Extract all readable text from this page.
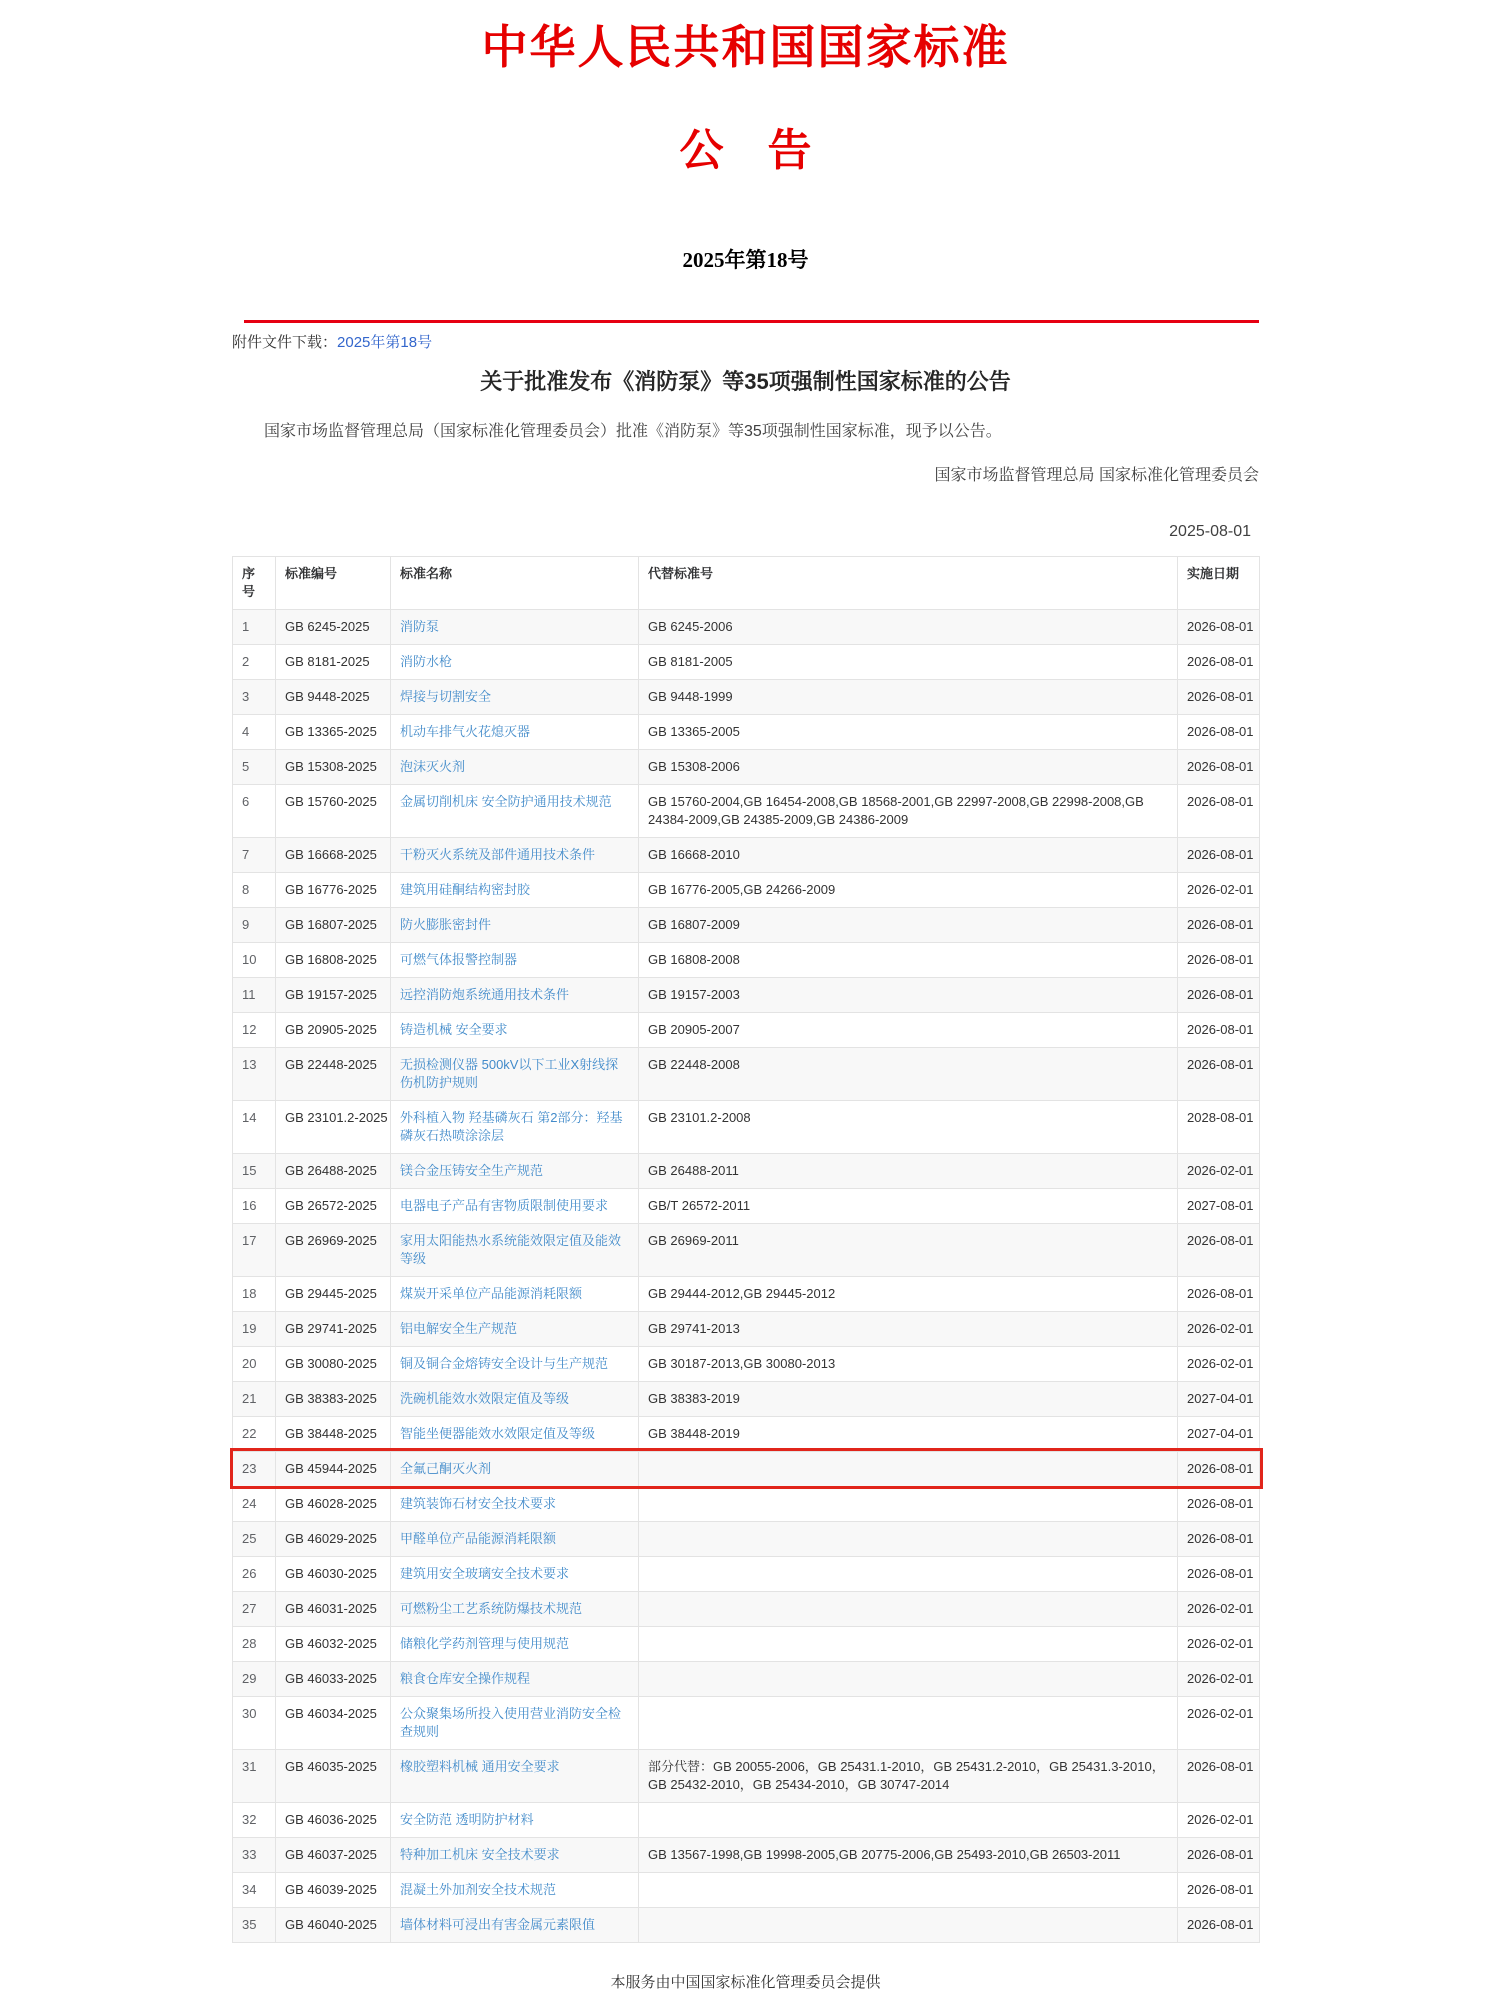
中华人民共和国国家标准
公　告
2025年第18号
附件文件下载：2025年第18号
关于批准发布《消防泵》等35项强制性国家标准的公告

国家市场监督管理总局（国家标准化管理委员会）批准《消防泵》等35项强制性国家标准，现予以公告。

国家市场监督管理总局 国家标准化管理委员会
2025-08-01
序号	标准编号	标准名称	代替标准号	实施日期
1	GB 6245-2025	消防泵	GB 6245-2006	2026-08-01
2	GB 8181-2025	消防水枪	GB 8181-2005	2026-08-01
3	GB 9448-2025	焊接与切割安全	GB 9448-1999	2026-08-01
4	GB 13365-2025	机动车排气火花熄灭器	GB 13365-2005	2026-08-01
5	GB 15308-2025	泡沫灭火剂	GB 15308-2006	2026-08-01
6	GB 15760-2025	金属切削机床 安全防护通用技术规范	GB 15760-2004,GB 16454-2008,GB 18568-2001,GB 22997-2008,GB 22998-2008,GB 24384-2009,GB 24385-2009,GB 24386-2009	2026-08-01
7	GB 16668-2025	干粉灭火系统及部件通用技术条件	GB 16668-2010	2026-08-01
8	GB 16776-2025	建筑用硅酮结构密封胶	GB 16776-2005,GB 24266-2009	2026-02-01
9	GB 16807-2025	防火膨胀密封件	GB 16807-2009	2026-08-01
10	GB 16808-2025	可燃气体报警控制器	GB 16808-2008	2026-08-01
11	GB 19157-2025	远控消防炮系统通用技术条件	GB 19157-2003	2026-08-01
12	GB 20905-2025	铸造机械 安全要求	GB 20905-2007	2026-08-01
13	GB 22448-2025	无损检测仪器 500kV以下工业X射线探伤机防护规则	GB 22448-2008	2026-08-01
14	GB 23101.2-2025	外科植入物 羟基磷灰石 第2部分：羟基磷灰石热喷涂涂层	GB 23101.2-2008	2028-08-01
15	GB 26488-2025	镁合金压铸安全生产规范	GB 26488-2011	2026-02-01
16	GB 26572-2025	电器电子产品有害物质限制使用要求	GB/T 26572-2011	2027-08-01
17	GB 26969-2025	家用太阳能热水系统能效限定值及能效等级	GB 26969-2011	2026-08-01
18	GB 29445-2025	煤炭开采单位产品能源消耗限额	GB 29444-2012,GB 29445-2012	2026-08-01
19	GB 29741-2025	铝电解安全生产规范	GB 29741-2013	2026-02-01
20	GB 30080-2025	铜及铜合金熔铸安全设计与生产规范	GB 30187-2013,GB 30080-2013	2026-02-01
21	GB 38383-2025	洗碗机能效水效限定值及等级	GB 38383-2019	2027-04-01
22	GB 38448-2025	智能坐便器能效水效限定值及等级	GB 38448-2019	2027-04-01
23	GB 45944-2025	全氟己酮灭火剂		2026-08-01
24	GB 46028-2025	建筑装饰石材安全技术要求		2026-08-01
25	GB 46029-2025	甲醛单位产品能源消耗限额		2026-08-01
26	GB 46030-2025	建筑用安全玻璃安全技术要求		2026-08-01
27	GB 46031-2025	可燃粉尘工艺系统防爆技术规范		2026-02-01
28	GB 46032-2025	储粮化学药剂管理与使用规范		2026-02-01
29	GB 46033-2025	粮食仓库安全操作规程		2026-02-01
30	GB 46034-2025	公众聚集场所投入使用营业消防安全检查规则		2026-02-01
31	GB 46035-2025	橡胶塑料机械 通用安全要求	部分代替：GB 20055-2006，GB 25431.1-2010，GB 25431.2-2010，GB 25431.3-2010，GB 25432-2010，GB 25434-2010，GB 30747-2014	2026-08-01
32	GB 46036-2025	安全防范 透明防护材料		2026-02-01
33	GB 46037-2025	特种加工机床 安全技术要求	GB 13567-1998,GB 19998-2005,GB 20775-2006,GB 25493-2010,GB 26503-2011	2026-08-01
34	GB 46039-2025	混凝土外加剂安全技术规范		2026-08-01
35	GB 46040-2025	墙体材料可浸出有害金属元素限值		2026-08-01
本服务由中国国家标准化管理委员会提供
